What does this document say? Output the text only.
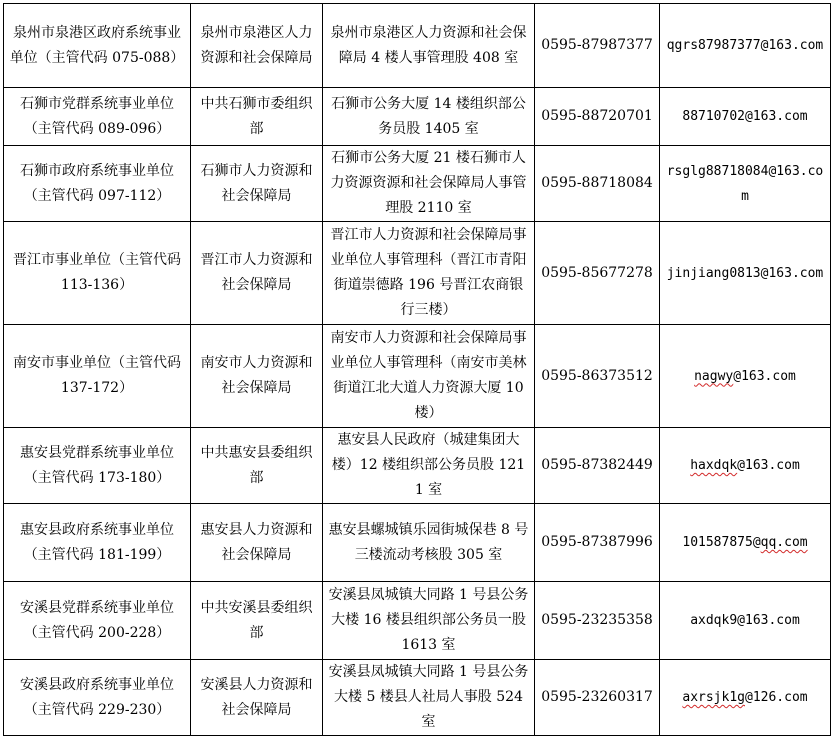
泉州市泉港区政府系统事业单位（主管代码 075-088）	泉州市泉港区人力资源和社会保障局	泉州市泉港区人力资源和社会保障局 4 楼人事管理股 408 室	0595-87987377	qgrs87987377@163.com
石狮市党群系统事业单位（主管代码 089-096）	中共石狮市委组织部	石狮市公务大厦 14 楼组织部公务员股 1405 室	0595-88720701	88710702@163.com
石狮市政府系统事业单位（主管代码 097-112）	石狮市人力资源和社会保障局	石狮市公务大厦 21 楼石狮市人力资源资源和社会保障局人事管理股 2110 室	0595-88718084	rsglg88718084@163.com
晋江市事业单位（主管代码 113-136）	晋江市人力资源和社会保障局	晋江市人力资源和社会保障局事业单位人事管理科（晋江市青阳街道崇德路 196 号晋江农商银行三楼）	0595-85677278	jinjiang0813@163.com
南安市事业单位（主管代码 137-172）	南安市人力资源和社会保障局	南安市人力资源和社会保障局事业单位人事管理科（南安市美林街道江北大道人力资源大厦 10 楼）	0595-86373512	nagwy@163.com
惠安县党群系统事业单位（主管代码 173-180）	中共惠安县委组织部	惠安县人民政府（城建集团大楼）12 楼组织部公务员股 1211 室	0595-87382449	haxdqk@163.com
惠安县政府系统事业单位（主管代码 181-199）	惠安县人力资源和社会保障局	惠安县螺城镇乐园街城保巷 8 号三楼流动考核股 305 室	0595-87387996	101587875@qq.com
安溪县党群系统事业单位（主管代码 200-228）	中共安溪县委组织部	安溪县凤城镇大同路 1 号县公务大楼 16 楼县组织部公务员一股 1613 室	0595-23235358	axdqk9@163.com
安溪县政府系统事业单位（主管代码 229-230）	安溪县人力资源和社会保障局	安溪县凤城镇大同路 1 号县公务大楼 5 楼县人社局人事股 524 室	0595-23260317	axrsjk1g@126.com
